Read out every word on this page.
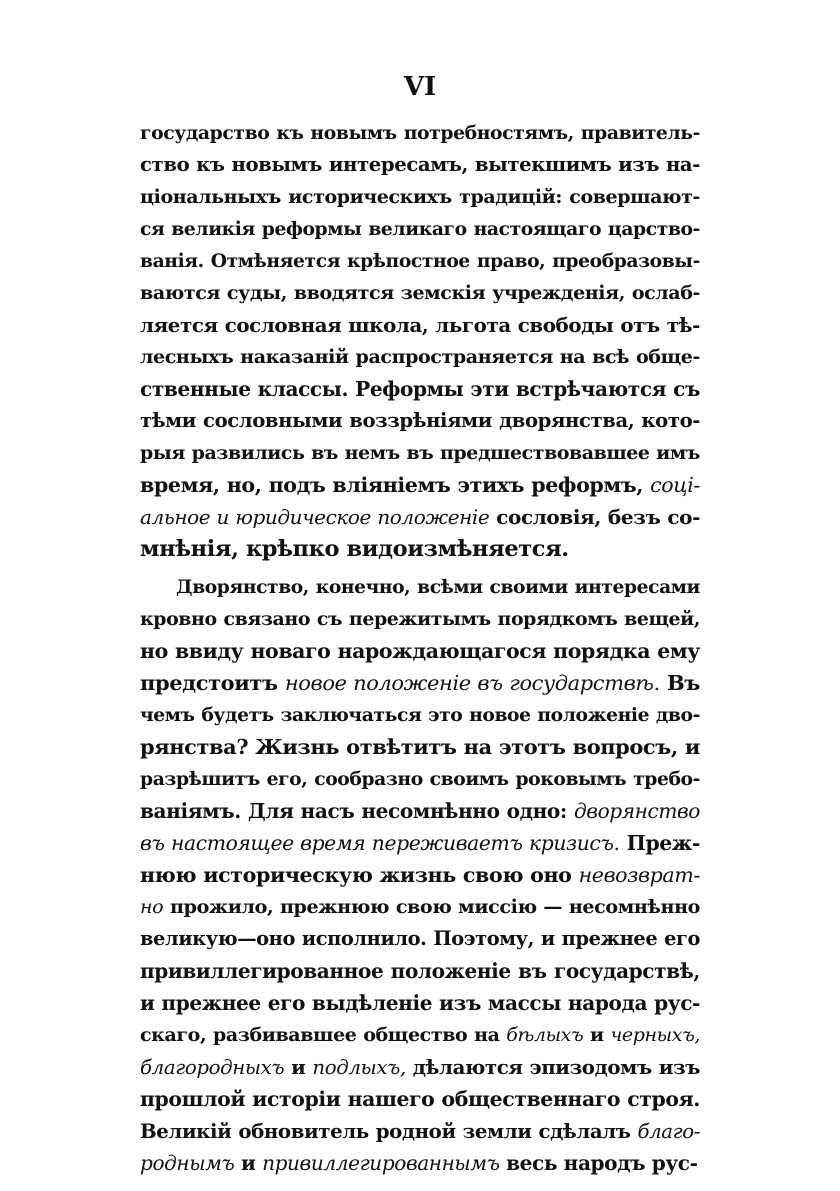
VI
государство къ новымъ потребностямъ, правитель-
ство къ новымъ интересамъ, вытекшимъ изъ на-
ціональныхъ историческихъ традицій: совершают-
ся великія реформы великаго настоящаго царство-
ванія. Отмѣняется крѣпостное право, преобразовы-
ваются суды, вводятся земскія учрежденія, ослаб-
ляется сословная школа, льгота свободы отъ тѣ-
лесныхъ наказаній распространяется на всѣ обще-
ственные классы. Реформы эти встрѣчаются съ
тѣми сословными воззрѣніями дворянства, кото-
рыя развились въ немъ въ предшествовавшее имъ
время, но, подъ вліяніемъ этихъ реформъ, соці-
альное и юридическое положеніе сословія, безъ со-
мнѣнія, крѣпко видоизмѣняется.
Дворянство, конечно, всѣми своими интересами
кровно связано съ пережитымъ порядкомъ вещей,
но ввиду новаго нарождающагося порядка ему
предстоитъ новое положеніе въ государствѣ. Въ
чемъ будетъ заключаться это новое положеніе дво-
рянства? Жизнь отвѣтитъ на этотъ вопросъ, и
разрѣшитъ его, сообразно своимъ роковымъ требо-
ваніямъ. Для насъ несомнѣнно одно: дворянство
въ настоящее время переживаетъ кризисъ. Преж-
нюю историческую жизнь свою оно невозврат-
но прожило, прежнюю свою миссію — несомнѣнно
великую—оно исполнило. Поэтому, и прежнее его
привиллегированное положеніе въ государствѣ,
и прежнее его выдѣленіе изъ массы народа рус-
скаго, разбивавшее общество на бѣлыхъ и черныхъ,
благородныхъ и подлыхъ, дѣлаются эпизодомъ изъ
прошлой исторіи нашего общественнаго строя.
Великій обновитель родной земли сдѣлалъ благо-
роднымъ и привиллегированнымъ весь народъ рус-
